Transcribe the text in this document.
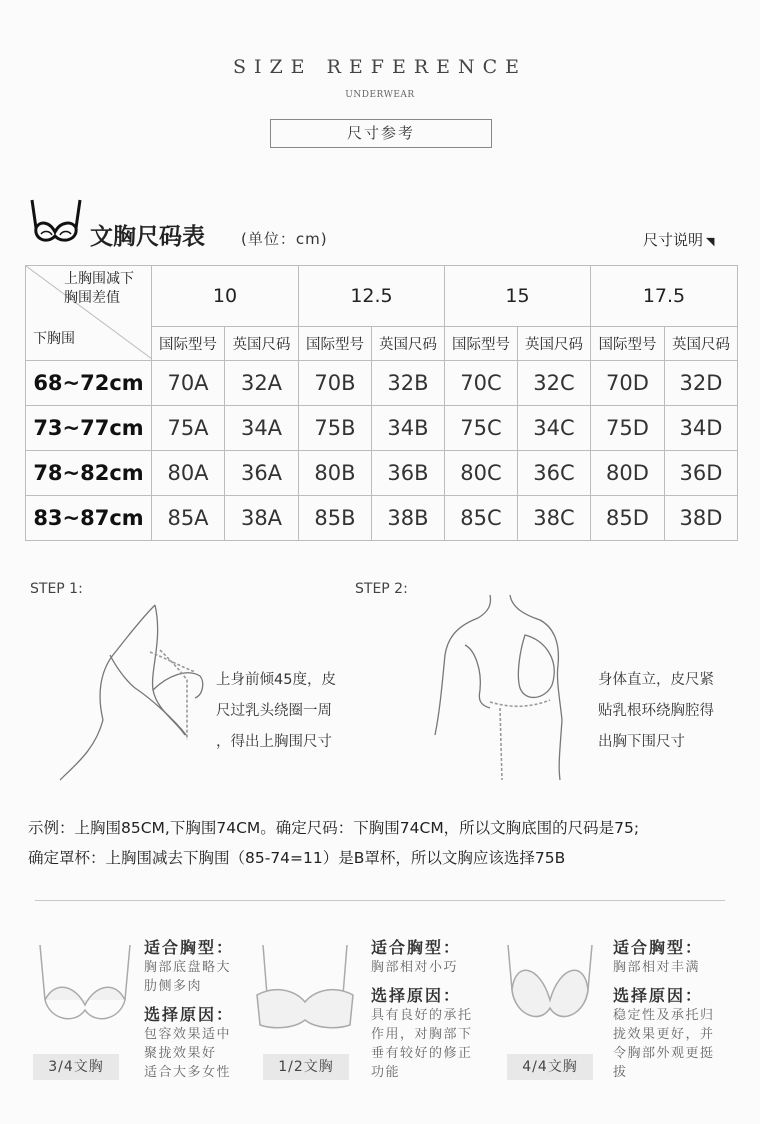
SIZE REFERENCE
UNDERWEAR
尺寸参考
文胸尺码表 (单位：cm)	尺寸说明 ◥
上胸围减下
胸围差值
下胸围	10		12.5		15		17.5	
	国际型号	英国尺码	国际型号	英国尺码	国际型号	英国尺码	国际型号	英国尺码
68~72cm	70A	32A	70B	32B	70C	32C	70D	32D
73~77cm	75A	34A	75B	34B	75C	34C	75D	34D
78~82cm	80A	36A	80B	36B	80C	36C	80D	36D
83~87cm	85A	38A	85B	38B	85C	38C	85D	38D
STEP 1:
上身前倾45度，皮
尺过乳头绕圈一周
，得出上胸围尺寸
STEP 2:
身体直立，皮尺紧
贴乳根环绕胸腔得
出胸下围尺寸
示例：上胸围85CM,下胸围74CM。确定尺码：下胸围74CM，所以文胸底围的尺码是75;
确定罩杯：上胸围减去下胸围（85-74=11）是B罩杯，所以文胸应该选择75B
3/4文胸
适合胸型：
胸部底盘略大
肋侧多肉
选择原因：
包容效果适中
聚拢效果好
适合大多女性	1/2文胸
适合胸型：
胸部相对小巧
选择原因：
具有良好的承托
作用，对胸部下
垂有较好的修正
功能	4/4文胸
适合胸型：
胸部相对丰满
选择原因：
稳定性及承托归
拢效果更好，并
令胸部外观更挺
拔
